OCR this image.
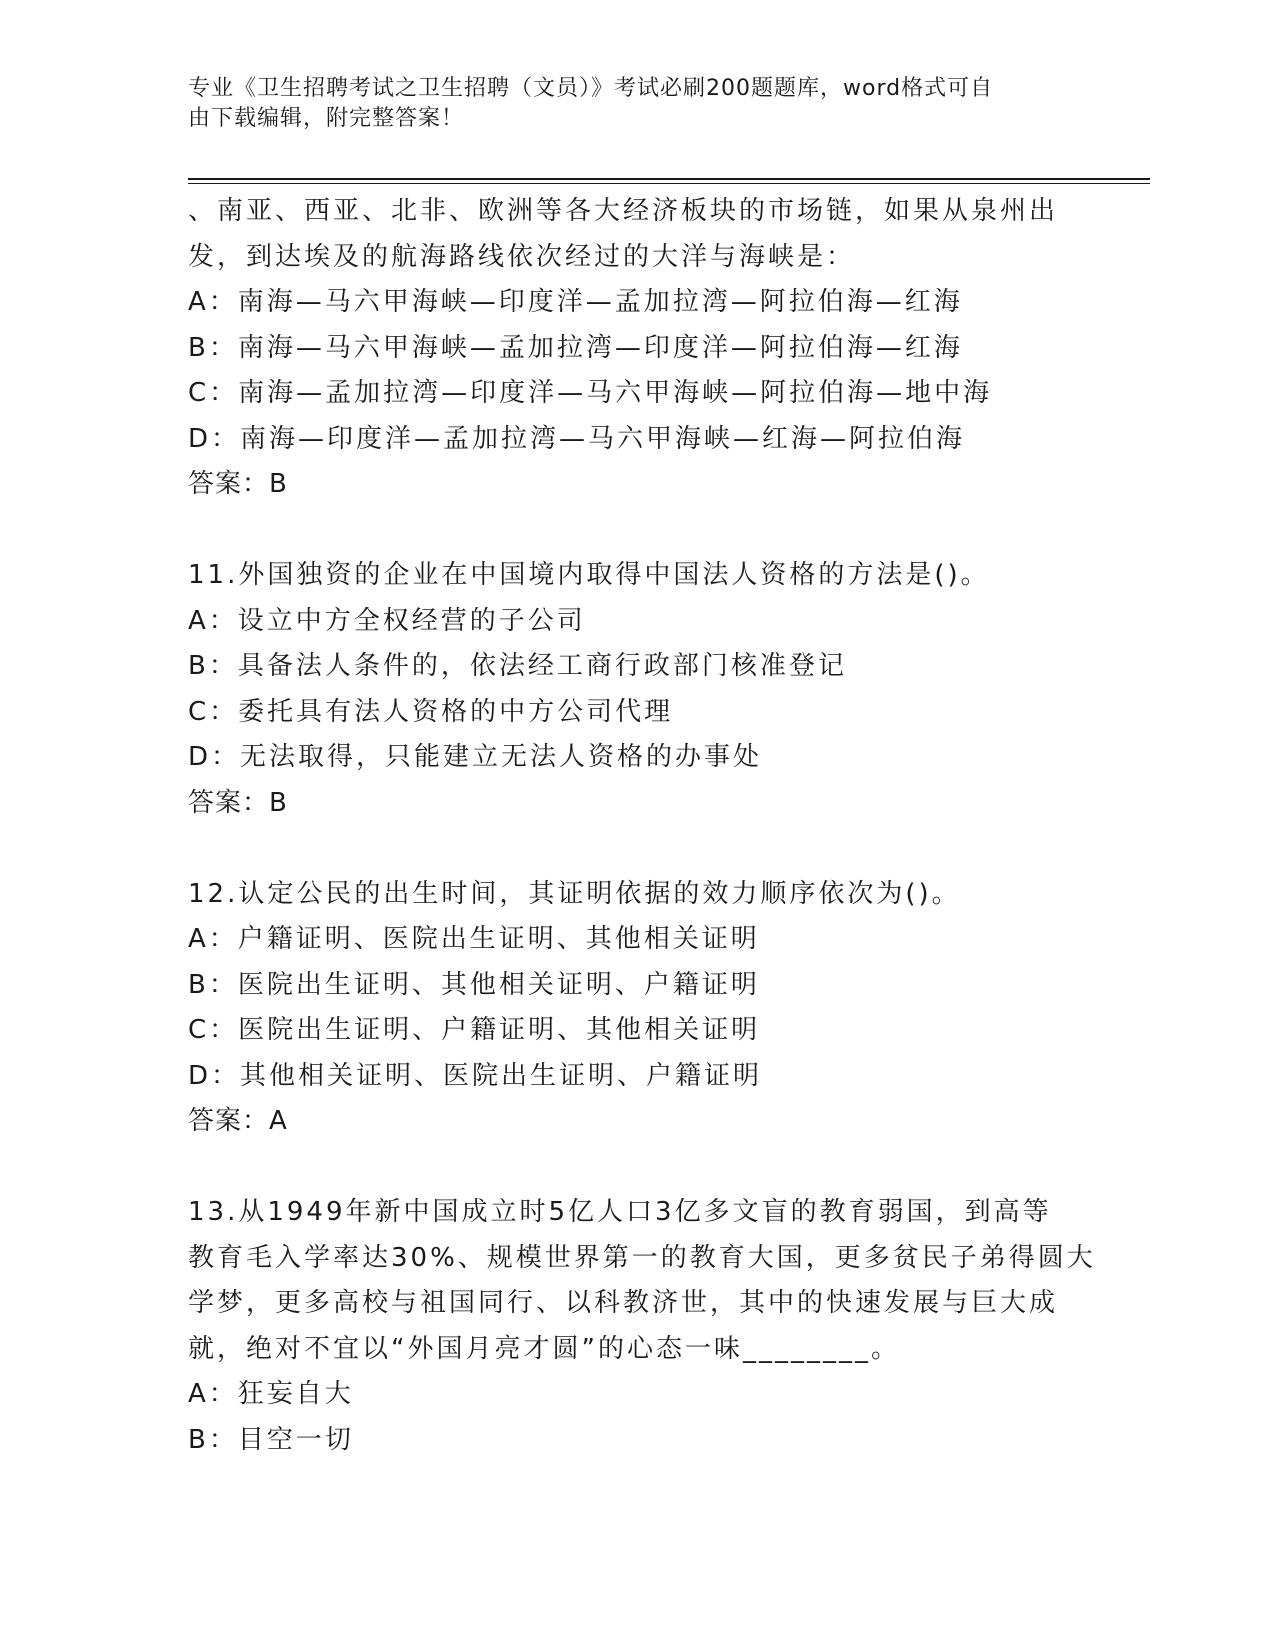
专业《卫生招聘考试之卫生招聘（文员）》考试必刷200题题库，word格式可自
由下载编辑，附完整答案！
、南亚、西亚、北非、欧洲等各大经济板块的市场链，如果从泉州出
发，到达埃及的航海路线依次经过的大洋与海峡是：
A：南海—马六甲海峡—印度洋—孟加拉湾—阿拉伯海—红海
B：南海—马六甲海峡—孟加拉湾—印度洋—阿拉伯海—红海
C：南海—孟加拉湾—印度洋—马六甲海峡—阿拉伯海—地中海
D：南海—印度洋—孟加拉湾—马六甲海峡—红海—阿拉伯海
答案：B
11.外国独资的企业在中国境内取得中国法人资格的方法是()。
A：设立中方全权经营的子公司
B：具备法人条件的，依法经工商行政部门核准登记
C：委托具有法人资格的中方公司代理
D：无法取得，只能建立无法人资格的办事处
答案：B
12.认定公民的出生时间，其证明依据的效力顺序依次为()。
A：户籍证明、医院出生证明、其他相关证明
B：医院出生证明、其他相关证明、户籍证明
C：医院出生证明、户籍证明、其他相关证明
D：其他相关证明、医院出生证明、户籍证明
答案：A
13.从1949年新中国成立时5亿人口3亿多文盲的教育弱国，到高等
教育毛入学率达30%、规模世界第一的教育大国，更多贫民子弟得圆大
学梦，更多高校与祖国同行、以科教济世，其中的快速发展与巨大成
就，绝对不宜以“外国月亮才圆”的心态一味________。
A：狂妄自大
B：目空一切
